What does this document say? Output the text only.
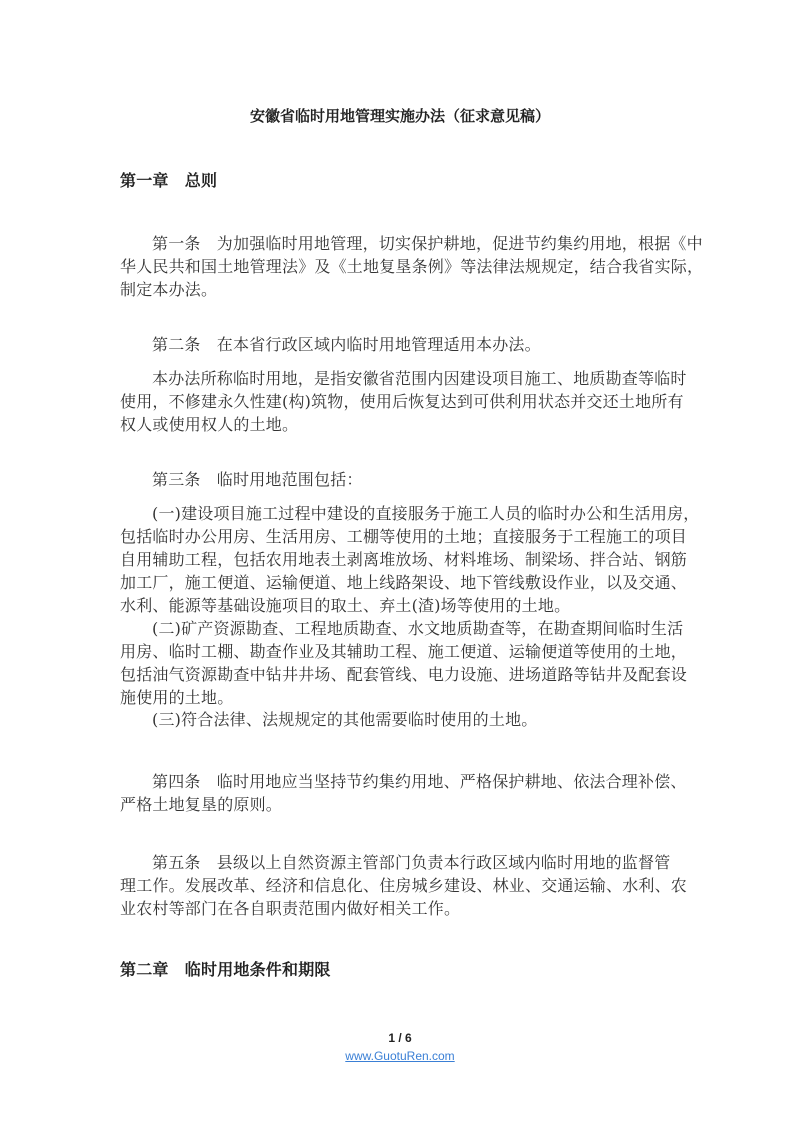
安徽省临时用地管理实施办法（征求意见稿）
第一章　总则
第一条　为加强临时用地管理，切实保护耕地，促进节约集约用地，根据《中
华人民共和国土地管理法》及《土地复垦条例》等法律法规规定，结合我省实际，
制定本办法。
第二条　在本省行政区域内临时用地管理适用本办法。
本办法所称临时用地，是指安徽省范围内因建设项目施工、地质勘查等临时
使用，不修建永久性建(构)筑物，使用后恢复达到可供利用状态并交还土地所有
权人或使用权人的土地。
第三条　临时用地范围包括：
(一)建设项目施工过程中建设的直接服务于施工人员的临时办公和生活用房，
包括临时办公用房、生活用房、工棚等使用的土地；直接服务于工程施工的项目
自用辅助工程，包括农用地表土剥离堆放场、材料堆场、制梁场、拌合站、钢筋
加工厂，施工便道、运输便道、地上线路架设、地下管线敷设作业，以及交通、
水利、能源等基础设施项目的取土、弃土(渣)场等使用的土地。
(二)矿产资源勘查、工程地质勘查、水文地质勘查等，在勘查期间临时生活
用房、临时工棚、勘查作业及其辅助工程、施工便道、运输便道等使用的土地，
包括油气资源勘查中钻井井场、配套管线、电力设施、进场道路等钻井及配套设
施使用的土地。
(三)符合法律、法规规定的其他需要临时使用的土地。
第四条　临时用地应当坚持节约集约用地、严格保护耕地、依法合理补偿、
严格土地复垦的原则。
第五条　县级以上自然资源主管部门负责本行政区域内临时用地的监督管
理工作。发展改革、经济和信息化、住房城乡建设、林业、交通运输、水利、农
业农村等部门在各自职责范围内做好相关工作。
第二章　临时用地条件和期限
1 / 6
www.GuotuRen.com
